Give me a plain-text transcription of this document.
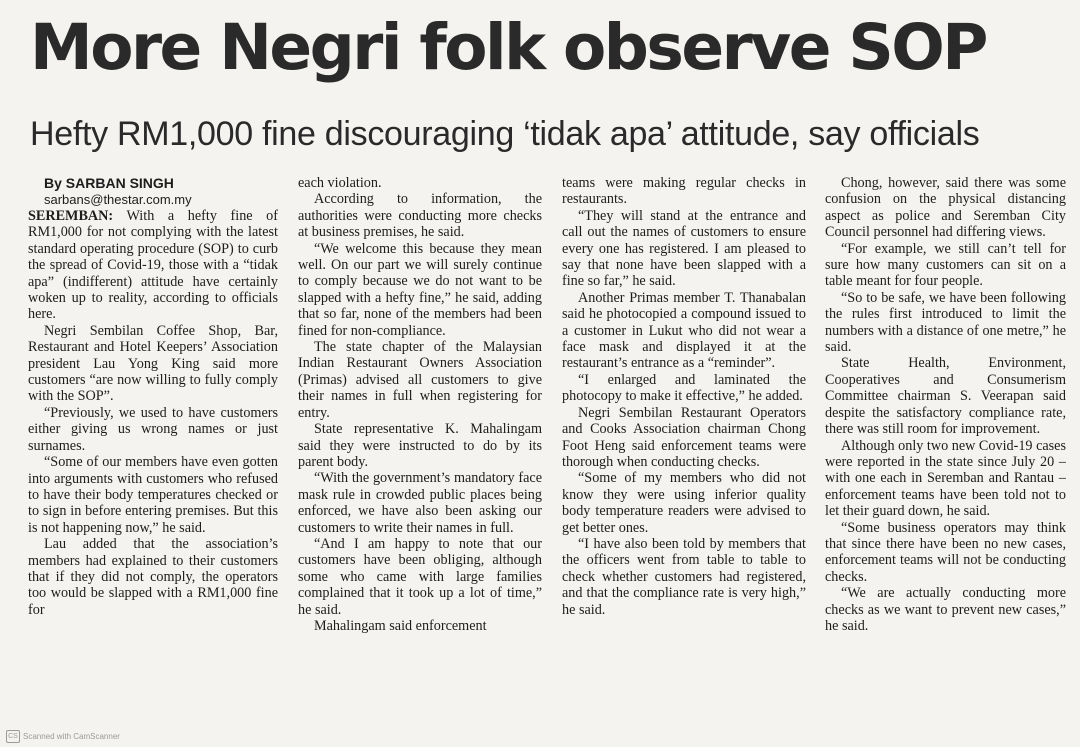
More Negri folk observe SOP
Hefty RM1,000 fine discouraging ‘tidak apa’ attitude, say officials

By SARBAN SINGH

sarbans@thestar.com.my

SEREMBAN: With a hefty fine of RM1,000 for not complying with the latest standard operating procedure (SOP) to curb the spread of Covid-19, those with a “tidak apa” (indifferent) attitude have certainly woken up to reality, according to officials here.

Negri Sembilan Coffee Shop, Bar, Restaurant and Hotel Keepers’ Association president Lau Yong King said more customers “are now willing to fully comply with the SOP”.

“Previously, we used to have customers either giving us wrong names or just surnames.

“Some of our members have even gotten into arguments with customers who refused to have their body temperatures checked or to sign in before entering premises. But this is not happening now,” he said.

Lau added that the association’s members had explained to their customers that if they did not comply, the operators too would be slapped with a RM1,000 fine for

each violation.

According to information, the authorities were conducting more checks at business premises, he said.

“We welcome this because they mean well. On our part we will surely continue to comply because we do not want to be slapped with a hefty fine,” he said, adding that so far, none of the members had been fined for non-compliance.

The state chapter of the Malaysian Indian Restaurant Owners Association (Primas) advised all customers to give their names in full when registering for entry.

State representative K. Mahalingam said they were instructed to do by its parent body.

“With the government’s mandatory face mask rule in crowded public places being enforced, we have also been asking our customers to write their names in full.

“And I am happy to note that our customers have been obliging, although some who came with large families complained that it took up a lot of time,” he said.

Mahalingam said enforcement

teams were making regular checks in restaurants.

“They will stand at the entrance and call out the names of customers to ensure every one has registered. I am pleased to say that none have been slapped with a fine so far,” he said.

Another Primas member T. Thanabalan said he photocopied a compound issued to a customer in Lukut who did not wear a face mask and displayed it at the restaurant’s entrance as a “reminder”.

“I enlarged and laminated the photocopy to make it effective,” he added.

Negri Sembilan Restaurant Operators and Cooks Association chairman Chong Foot Heng said enforcement teams were thorough when conducting checks.

“Some of my members who did not know they were using inferior quality body temperature readers were advised to get better ones.

“I have also been told by members that the officers went from table to table to check whether customers had registered, and that the compliance rate is very high,” he said.

Chong, however, said there was some confusion on the physical distancing aspect as police and Seremban City Council personnel had differing views.

“For example, we still can’t tell for sure how many customers can sit on a table meant for four people.

“So to be safe, we have been following the rules first introduced to limit the numbers with a distance of one metre,” he said.

State Health, Environment, Cooperatives and Consumerism Committee chairman S. Veerapan said despite the satisfactory compliance rate, there was still room for improvement.

Although only two new Covid-19 cases were reported in the state since July 20 – with one each in Seremban and Rantau – enforcement teams have been told not to let their guard down, he said.

“Some business operators may think that since there have been no new cases, enforcement teams will not be conducting checks.

“We are actually conducting more checks as we want to prevent new cases,” he said.

CS Scanned with CamScanner
